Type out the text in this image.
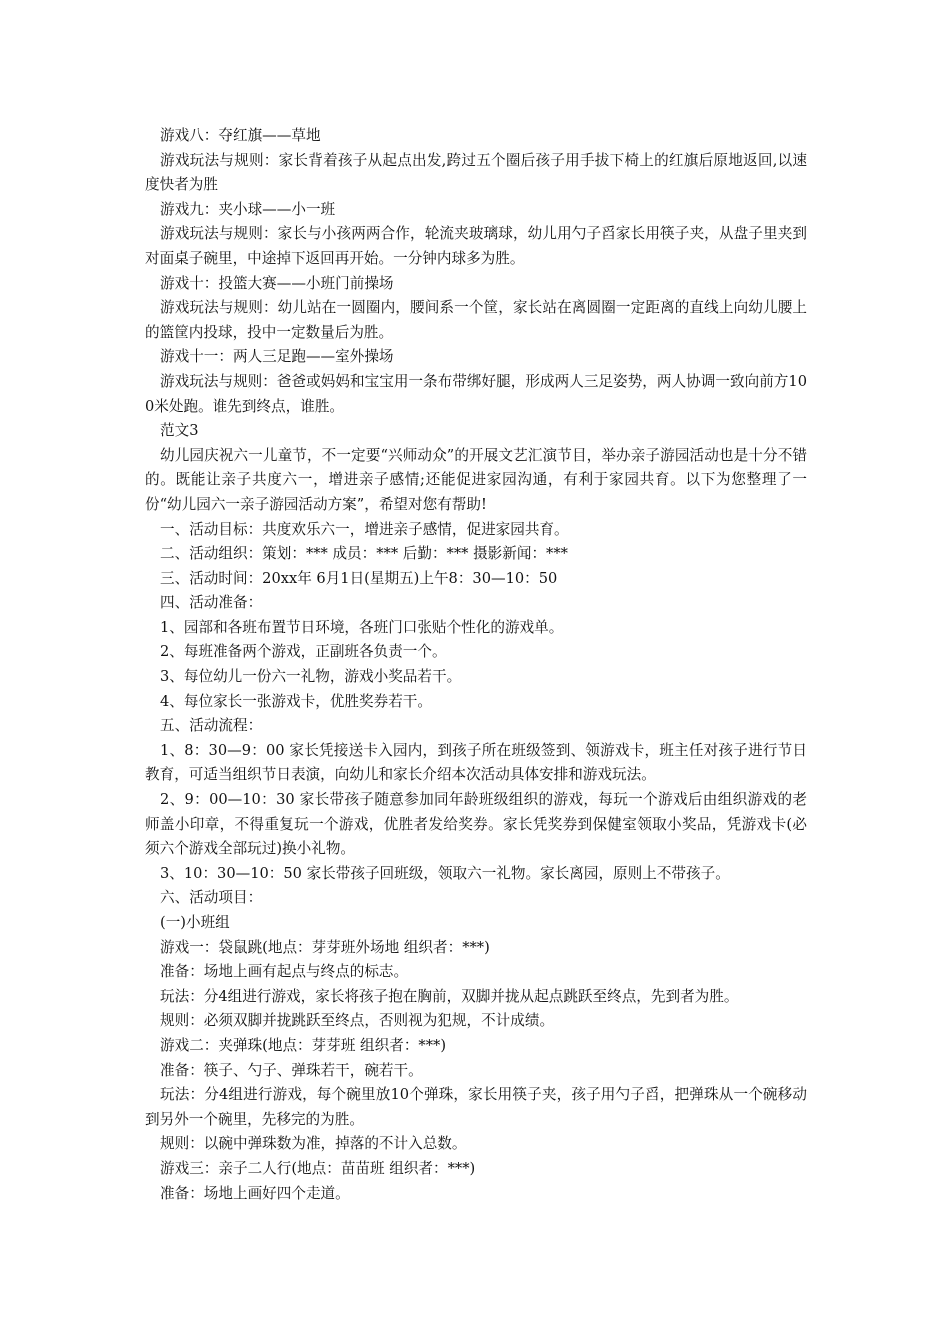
游戏八：夺红旗——草地

游戏玩法与规则：家长背着孩子从起点出发,跨过五个圈后孩子用手拔下椅上的红旗后原地返回,以速度快者为胜

游戏九：夹小球——小一班

游戏玩法与规则：家长与小孩两两合作，轮流夹玻璃球，幼儿用勺子舀家长用筷子夹，从盘子里夹到对面桌子碗里，中途掉下返回再开始。一分钟内球多为胜。

游戏十：投篮大赛——小班门前操场

游戏玩法与规则：幼儿站在一圆圈内，腰间系一个筐，家长站在离圆圈一定距离的直线上向幼儿腰上的篮筐内投球，投中一定数量后为胜。

游戏十一：两人三足跑——室外操场

游戏玩法与规则：爸爸或妈妈和宝宝用一条布带绑好腿，形成两人三足姿势，两人协调一致向前方100米处跑。谁先到终点，谁胜。

范文3

幼儿园庆祝六一儿童节，不一定要“兴师动众”的开展文艺汇演节目，举办亲子游园活动也是十分不错的。既能让亲子共度六一，增进亲子感情;还能促进家园沟通，有利于家园共育。以下为您整理了一份“幼儿园六一亲子游园活动方案”，希望对您有帮助!

一、活动目标：共度欢乐六一，增进亲子感情，促进家园共育。

二、活动组织：策划：*** 成员：*** 后勤：*** 摄影新闻：***

三、活动时间：20xx年 6月1日(星期五)上午8：30—10：50

四、活动准备：

1、园部和各班布置节日环境，各班门口张贴个性化的游戏单。

2、每班准备两个游戏，正副班各负责一个。

3、每位幼儿一份六一礼物，游戏小奖品若干。

4、每位家长一张游戏卡，优胜奖券若干。

五、活动流程：

1、8：30—9：00 家长凭接送卡入园内，到孩子所在班级签到、领游戏卡，班主任对孩子进行节日教育，可适当组织节日表演，向幼儿和家长介绍本次活动具体安排和游戏玩法。

2、9：00—10：30 家长带孩子随意参加同年龄班级组织的游戏，每玩一个游戏后由组织游戏的老师盖小印章，不得重复玩一个游戏，优胜者发给奖券。家长凭奖券到保健室领取小奖品，凭游戏卡(必须六个游戏全部玩过)换小礼物。

3、10：30—10：50 家长带孩子回班级，领取六一礼物。家长离园，原则上不带孩子。

六、活动项目：

(一)小班组

游戏一：袋鼠跳(地点：芽芽班外场地 组织者：***)

准备：场地上画有起点与终点的标志。

玩法：分4组进行游戏，家长将孩子抱在胸前，双脚并拢从起点跳跃至终点，先到者为胜。

规则：必须双脚并拢跳跃至终点，否则视为犯规，不计成绩。

游戏二：夹弹珠(地点：芽芽班 组织者：***)

准备：筷子、勺子、弹珠若干，碗若干。

玩法：分4组进行游戏，每个碗里放10个弹珠，家长用筷子夹，孩子用勺子舀，把弹珠从一个碗移动到另外一个碗里，先移完的为胜。

规则：以碗中弹珠数为准，掉落的不计入总数。

游戏三：亲子二人行(地点：苗苗班 组织者：***)

准备：场地上画好四个走道。
